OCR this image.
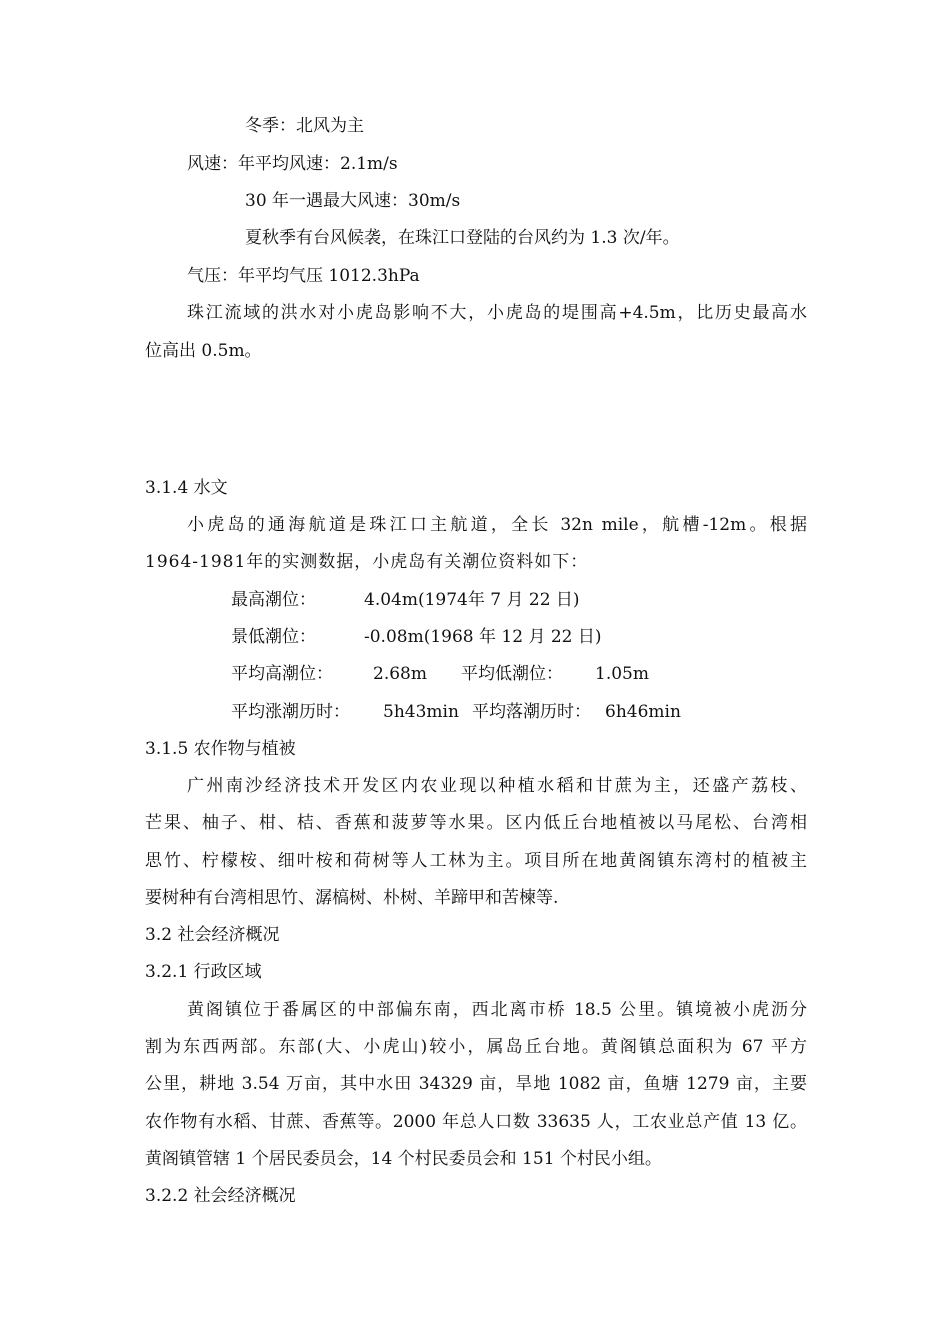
冬季：北风为主
风速：年平均风速：2.1m/s
30 年一遇最大风速：30m/s
夏秋季有台风候袭，在珠江口登陆的台风约为 1.3 次/年。
气压：年平均气压 1012.3hPa
珠江流域的洪水对小虎岛影响不大，小虎岛的堤围高+4.5m，比历史最高水
位高出 0.5m。
3.1.4 水文
小虎岛的通海航道是珠江口主航道，全长 32n mile，航槽-12m。根据
1964-1981年的实测数据，小虎岛有关潮位资料如下：
最高潮位：	4.04m(1974年 7 月 22 日)
景低潮位：	-0.08m(1968 年 12 月 22 日)
平均高潮位： 2.68m 平均低潮位： 1.05m
平均涨潮历时： 5h43min 平均落潮历时： 6h46min
3.1.5 农作物与植被
广州南沙经济技术开发区内农业现以种植水稻和甘蔗为主，还盛产荔枝、
芒果、柚子、柑、桔、香蕉和菠萝等水果。区内低丘台地植被以马尾松、台湾相
思竹、柠檬桉、细叶桉和荷树等人工林为主。项目所在地黄阁镇东湾村的植被主
要树种有台湾相思竹、潺槁树、朴树、羊蹄甲和苦楝等.
3.2 社会经济概况
3.2.1 行政区域
黄阁镇位于番属区的中部偏东南，西北离市桥 18.5 公里。镇境被小虎沥分
割为东西两部。东部(大、小虎山)较小，属岛丘台地。黄阁镇总面积为 67 平方
公里，耕地 3.54 万亩，其中水田 34329 亩，旱地 1082 亩，鱼塘 1279 亩，主要
农作物有水稻、甘蔗、香蕉等。2000 年总人口数 33635 人，工农业总产值 13 亿。
黄阁镇管辖 1 个居民委员会，14 个村民委员会和 151 个村民小组。
3.2.2 社会经济概况
